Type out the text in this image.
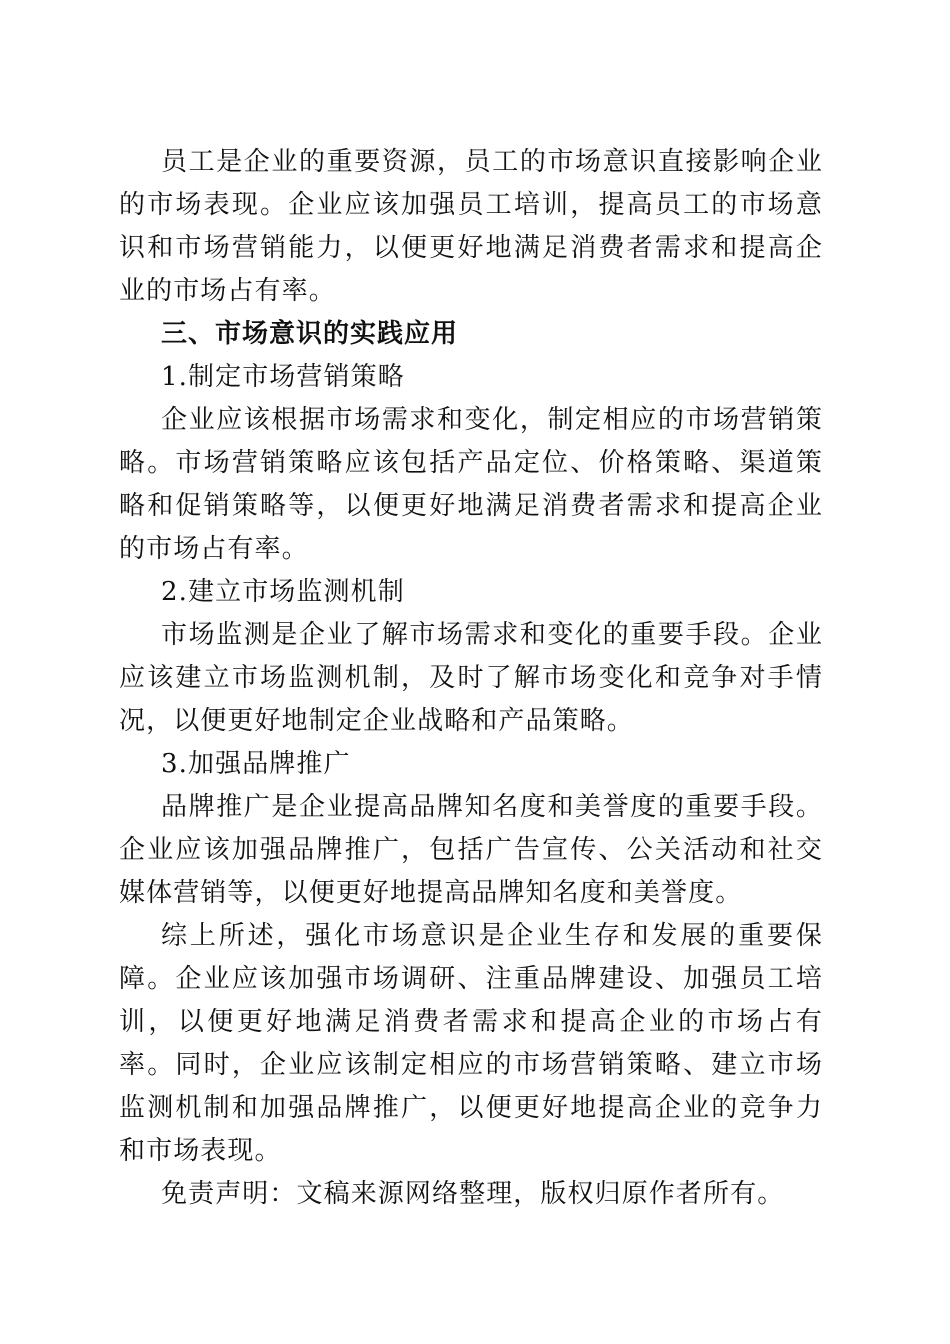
员工是企业的重要资源，员工的市场意识直接影响企业的市场表现。企业应该加强员工培训，提高员工的市场意识和市场营销能力，以便更好地满足消费者需求和提高企业的市场占有率。

三、市场意识的实践应用

1.制定市场营销策略

企业应该根据市场需求和变化，制定相应的市场营销策略。市场营销策略应该包括产品定位、价格策略、渠道策略和促销策略等，以便更好地满足消费者需求和提高企业的市场占有率。

2.建立市场监测机制

市场监测是企业了解市场需求和变化的重要手段。企业应该建立市场监测机制，及时了解市场变化和竞争对手情况，以便更好地制定企业战略和产品策略。

3.加强品牌推广

品牌推广是企业提高品牌知名度和美誉度的重要手段。企业应该加强品牌推广，包括广告宣传、公关活动和社交媒体营销等，以便更好地提高品牌知名度和美誉度。

综上所述，强化市场意识是企业生存和发展的重要保障。企业应该加强市场调研、注重品牌建设、加强员工培训，以便更好地满足消费者需求和提高企业的市场占有率。同时，企业应该制定相应的市场营销策略、建立市场监测机制和加强品牌推广，以便更好地提高企业的竞争力和市场表现。

免责声明：文稿来源网络整理，版权归原作者所有。
